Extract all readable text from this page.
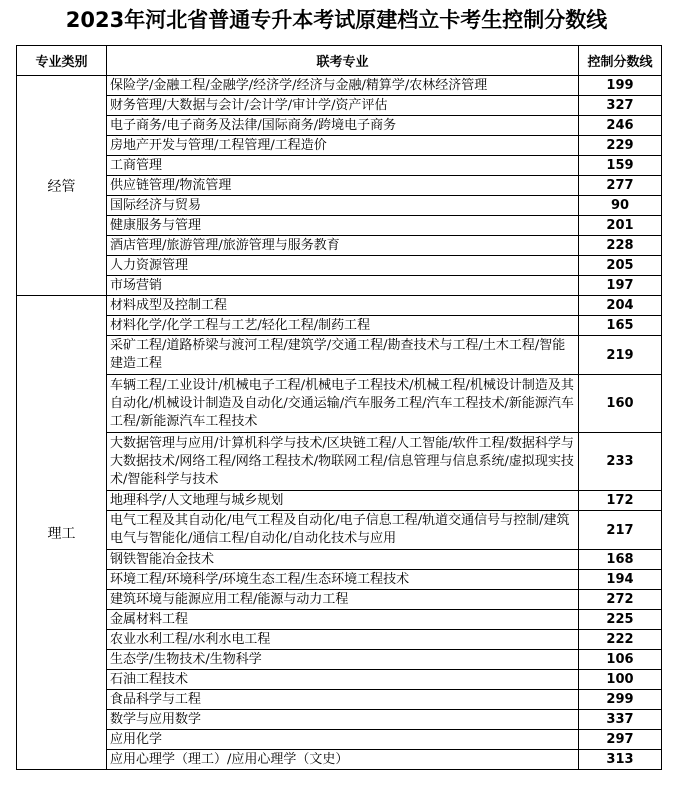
2023年河北省普通专升本考试原建档立卡考生控制分数线
专业类别	联考专业	控制分数线
经管	保险学/金融工程/金融学/经济学/经济与金融/精算学/农林经济管理	199
	财务管理/大数据与会计/会计学/审计学/资产评估	327
	电子商务/电子商务及法律/国际商务/跨境电子商务	246
	房地产开发与管理/工程管理/工程造价	229
	工商管理	159
	供应链管理/物流管理	277
	国际经济与贸易	90
	健康服务与管理	201
	酒店管理/旅游管理/旅游管理与服务教育	228
	人力资源管理	205
	市场营销	197
理工	材料成型及控制工程	204
	材料化学/化学工程与工艺/轻化工程/制药工程	165
	采矿工程/道路桥梁与渡河工程/建筑学/交通工程/勘查技术与工程/土木工程/智能建造工程	219
	车辆工程/工业设计/机械电子工程/机械电子工程技术/机械工程/机械设计制造及其自动化/机械设计制造及自动化/交通运输/汽车服务工程/汽车工程技术/新能源汽车工程/新能源汽车工程技术	160
	大数据管理与应用/计算机科学与技术/区块链工程/人工智能/软件工程/数据科学与大数据技术/网络工程/网络工程技术/物联网工程/信息管理与信息系统/虚拟现实技术/智能科学与技术	233
	地理科学/人文地理与城乡规划	172
	电气工程及其自动化/电气工程及自动化/电子信息工程/轨道交通信号与控制/建筑电气与智能化/通信工程/自动化/自动化技术与应用	217
	钢铁智能冶金技术	168
	环境工程/环境科学/环境生态工程/生态环境工程技术	194
	建筑环境与能源应用工程/能源与动力工程	272
	金属材料工程	225
	农业水利工程/水利水电工程	222
	生态学/生物技术/生物科学	106
	石油工程技术	100
	食品科学与工程	299
	数学与应用数学	337
	应用化学	297
	应用心理学（理工）/应用心理学（文史）	313
